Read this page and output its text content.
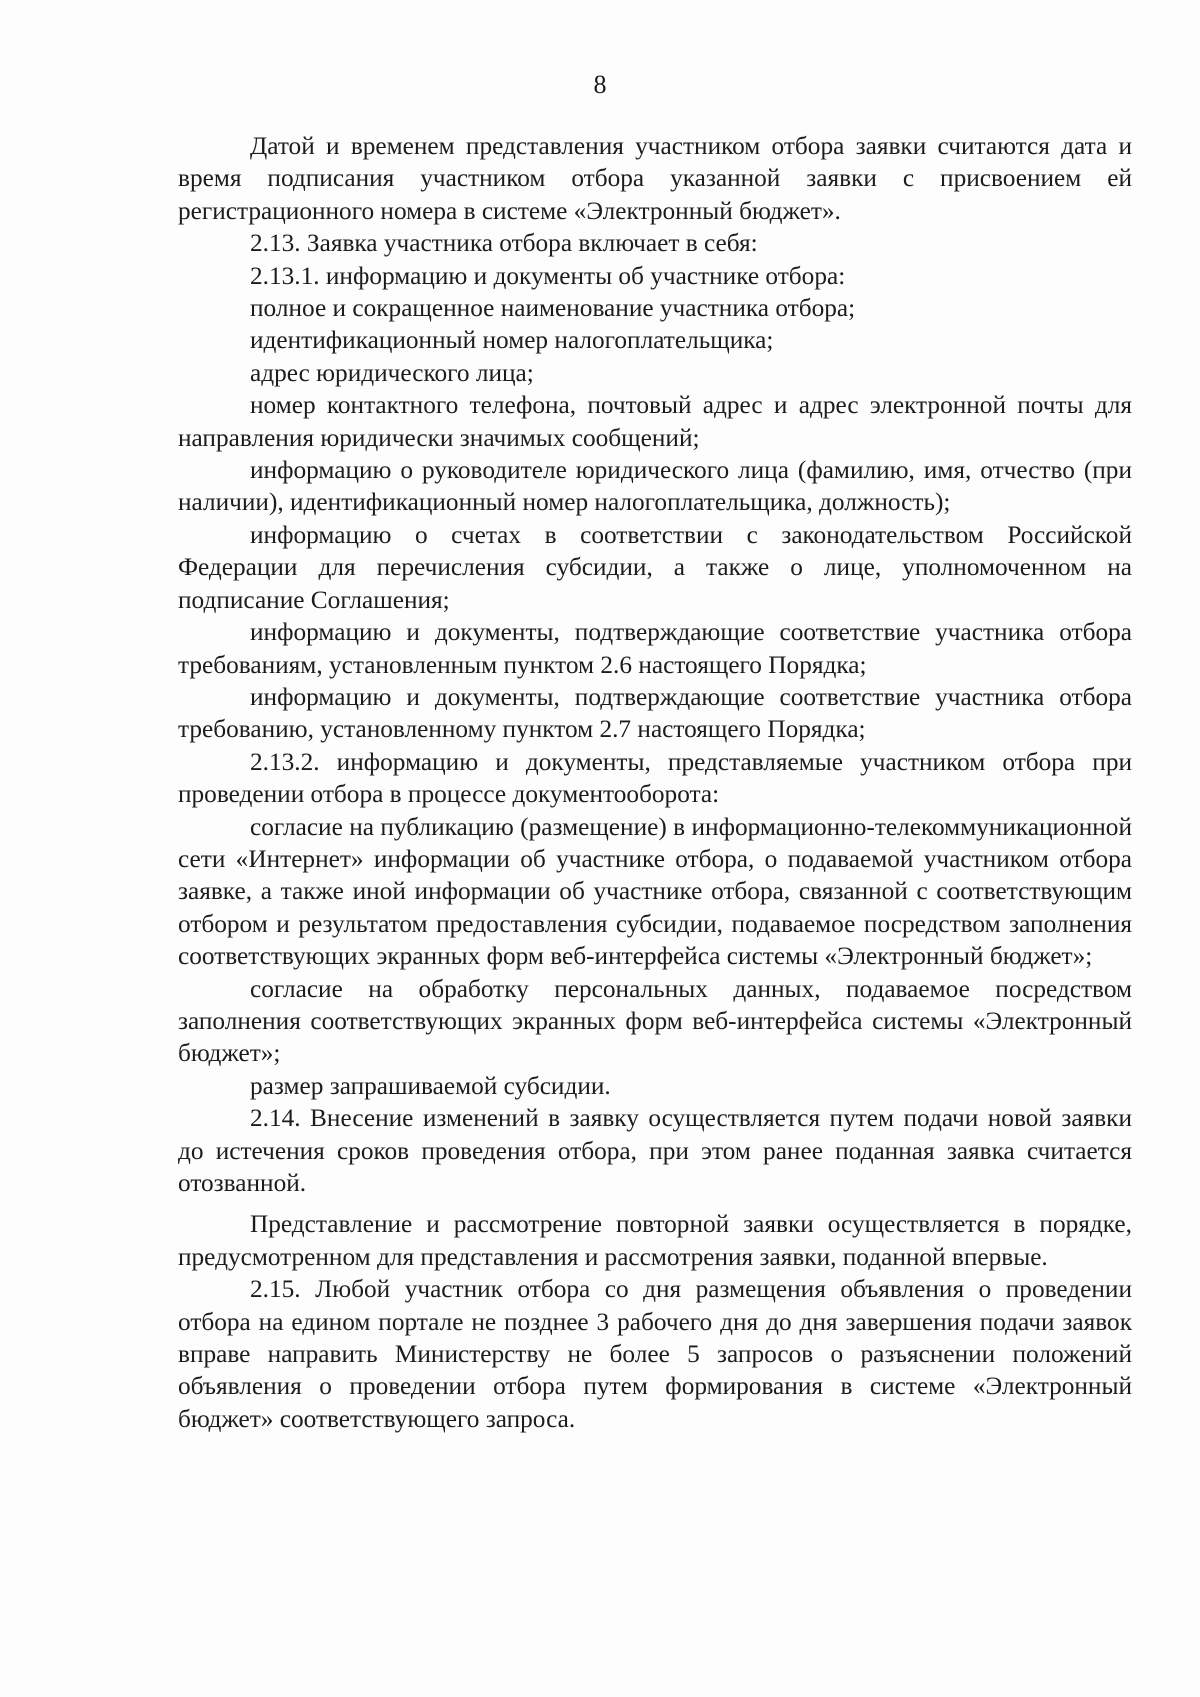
8

Датой и временем представления участником отбора заявки считаются дата и время подписания участником отбора указанной заявки с присвоением ей регистрационного номера в системе «Электронный бюджет».

2.13. Заявка участника отбора включает в себя:

2.13.1. информацию и документы об участнике отбора:

полное и сокращенное наименование участника отбора;

идентификационный номер налогоплательщика;

адрес юридического лица;

номер контактного телефона, почтовый адрес и адрес электронной почты для направления юридически значимых сообщений;

информацию о руководителе юридического лица (фамилию, имя, отчество (при наличии), идентификационный номер налогоплательщика, должность);

информацию о счетах в соответствии с законодательством Российской Федерации для перечисления субсидии, а также о лице, уполномоченном на подписание Соглашения;

информацию и документы, подтверждающие соответствие участника отбора требованиям, установленным пунктом 2.6 настоящего Порядка;

информацию и документы, подтверждающие соответствие участника отбора требованию, установленному пунктом 2.7 настоящего Порядка;

2.13.2. информацию и документы, представляемые участником отбора при проведении отбора в процессе документооборота:

согласие на публикацию (размещение) в информационно-телекоммуникационной сети «Интернет» информации об участнике отбора, о подаваемой участником отбора заявке, а также иной информации об участнике отбора, связанной с соответствующим отбором и результатом предоставления субсидии, подаваемое посредством заполнения соответствующих экранных форм веб-интерфейса системы «Электронный бюджет»;

согласие на обработку персональных данных, подаваемое посредством заполнения соответствующих экранных форм веб-интерфейса системы «Электронный бюджет»;

размер запрашиваемой субсидии.

2.14. Внесение изменений в заявку осуществляется путем подачи новой заявки до истечения сроков проведения отбора, при этом ранее поданная заявка считается отозванной.

Представление и рассмотрение повторной заявки осуществляется в порядке, предусмотренном для представления и рассмотрения заявки, поданной впервые.

2.15. Любой участник отбора со дня размещения объявления о проведении отбора на едином портале не позднее 3 рабочего дня до дня завершения подачи заявок вправе направить Министерству не более 5 запросов о разъяснении положений объявления о проведении отбора путем формирования в системе «Электронный бюджет» соответствующего запроса.
